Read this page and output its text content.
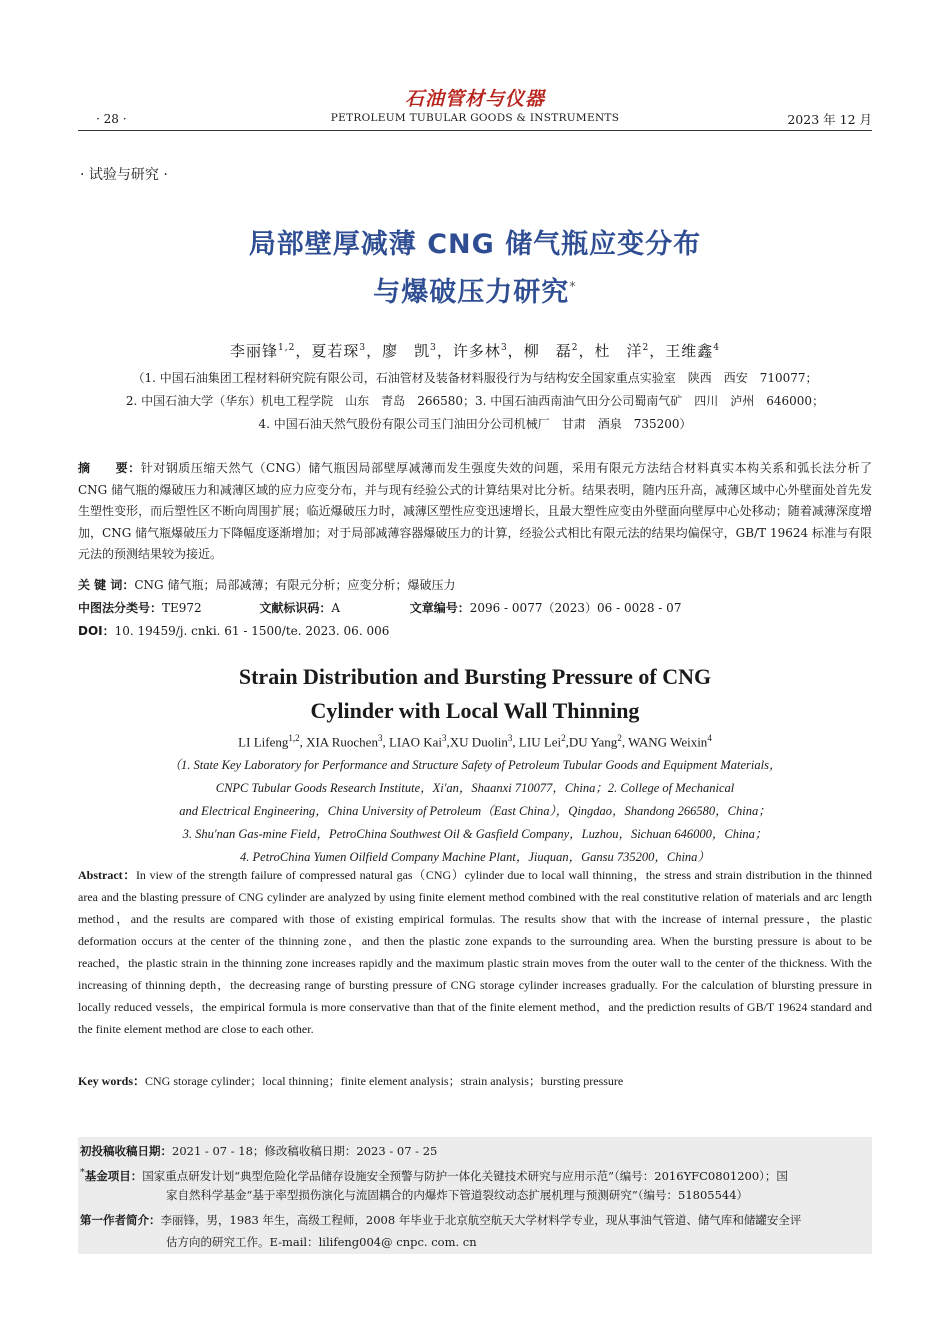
石油管材与仪器
· 28 ·	PETROLEUM TUBULAR GOODS & INSTRUMENTS	2023 年 12 月
· 试验与研究 ·
局部壁厚减薄 CNG 储气瓶应变分布
与爆破压力研究*
李丽锋$^{1,2}$，夏若琛$^3$，廖　凯$^3$，许多林$^3$，柳　磊$^2$，杜　洋$^2$，王维鑫$^4$
（1. 中国石油集团工程材料研究院有限公司，石油管材及装备材料服役行为与结构安全国家重点实验室　陕西　西安　710077；
2. 中国石油大学（华东）机电工程学院　山东　青岛　266580；3. 中国石油西南油气田分公司蜀南气矿　四川　泸州　646000；
4. 中国石油天然气股份有限公司玉门油田分公司机械厂　甘肃　酒泉　735200）
摘　　要：针对钢质压缩天然气（CNG）储气瓶因局部壁厚减薄而发生强度失效的问题，采用有限元方法结合材料真实本构关系和弧长法分析了 CNG 储气瓶的爆破压力和减薄区域的应力应变分布，并与现有经验公式的计算结果对比分析。结果表明，随内压升高，减薄区域中心外壁面处首先发生塑性变形，而后塑性区不断向周围扩展；临近爆破压力时，减薄区塑性应变迅速增长，且最大塑性应变由外壁面向壁厚中心处移动；随着减薄深度增加，CNG 储气瓶爆破压力下降幅度逐渐增加；对于局部减薄容器爆破压力的计算，经验公式相比有限元法的结果均偏保守，GB/T 19624 标准与有限元法的预测结果较为接近。
关 键 词：CNG 储气瓶；局部减薄；有限元分析；应变分析；爆破压力
中图法分类号：TE972	文献标识码：A	文章编号：2096 - 0077（2023）06 - 0028 - 07
DOI：10. 19459/j. cnki. 61 - 1500/te. 2023. 06. 006
Strain Distribution and Bursting Pressure of CNG
Cylinder with Local Wall Thinning
LI Lifeng$^{1,2}$, XIA Ruochen$^3$, LIAO Kai$^3$,XU Duolin$^3$, LIU Lei$^2$,DU Yang$^2$, WANG Weixin$^4$
（1. State Key Laboratory for Performance and Structure Safety of Petroleum Tubular Goods and Equipment Materials，
CNPC Tubular Goods Research Institute，Xi'an，Shaanxi 710077，China；2. College of Mechanical
and Electrical Engineering，China University of Petroleum（East China），Qingdao，Shandong 266580，China；
3. Shu'nan Gas-mine Field，PetroChina Southwest Oil & Gasfield Company，Luzhou，Sichuan 646000，China；
4. PetroChina Yumen Oilfield Company Machine Plant，Jiuquan，Gansu 735200，China）
Abstract：In view of the strength failure of compressed natural gas（CNG）cylinder due to local wall thinning，the stress and strain distribution in the thinned area and the blasting pressure of CNG cylinder are analyzed by using finite element method combined with the real constitutive relation of materials and arc length method，and the results are compared with those of existing empirical formulas. The results show that with the increase of internal pressure，the plastic deformation occurs at the center of the thinning zone，and then the plastic zone expands to the surrounding area. When the bursting pressure is about to be reached，the plastic strain in the thinning zone increases rapidly and the maximum plastic strain moves from the outer wall to the center of the thickness. With the increasing of thinning depth，the decreasing range of bursting pressure of CNG storage cylinder increases gradually. For the calculation of blursting pressure in locally reduced vessels，the empirical formula is more conservative than that of the finite element method，and the prediction results of GB/T 19624 standard and the finite element method are close to each other.
Key words：CNG storage cylinder；local thinning；finite element analysis；strain analysis；bursting pressure
初投稿收稿日期：2021 - 07 - 18；修改稿收稿日期：2023 - 07 - 25
*基金项目：国家重点研发计划“典型危险化学品储存设施安全预警与防护一体化关键技术研究与应用示范”（编号：2016YFC0801200）；国
家自然科学基金“基于率型损伤演化与流固耦合的内爆炸下管道裂纹动态扩展机理与预测研究”（编号：51805544）
第一作者简介：李丽锋，男，1983 年生，高级工程师，2008 年毕业于北京航空航天大学材料学专业，现从事油气管道、储气库和储罐安全评
估方向的研究工作。E-mail：lilifeng004@ cnpc. com. cn
